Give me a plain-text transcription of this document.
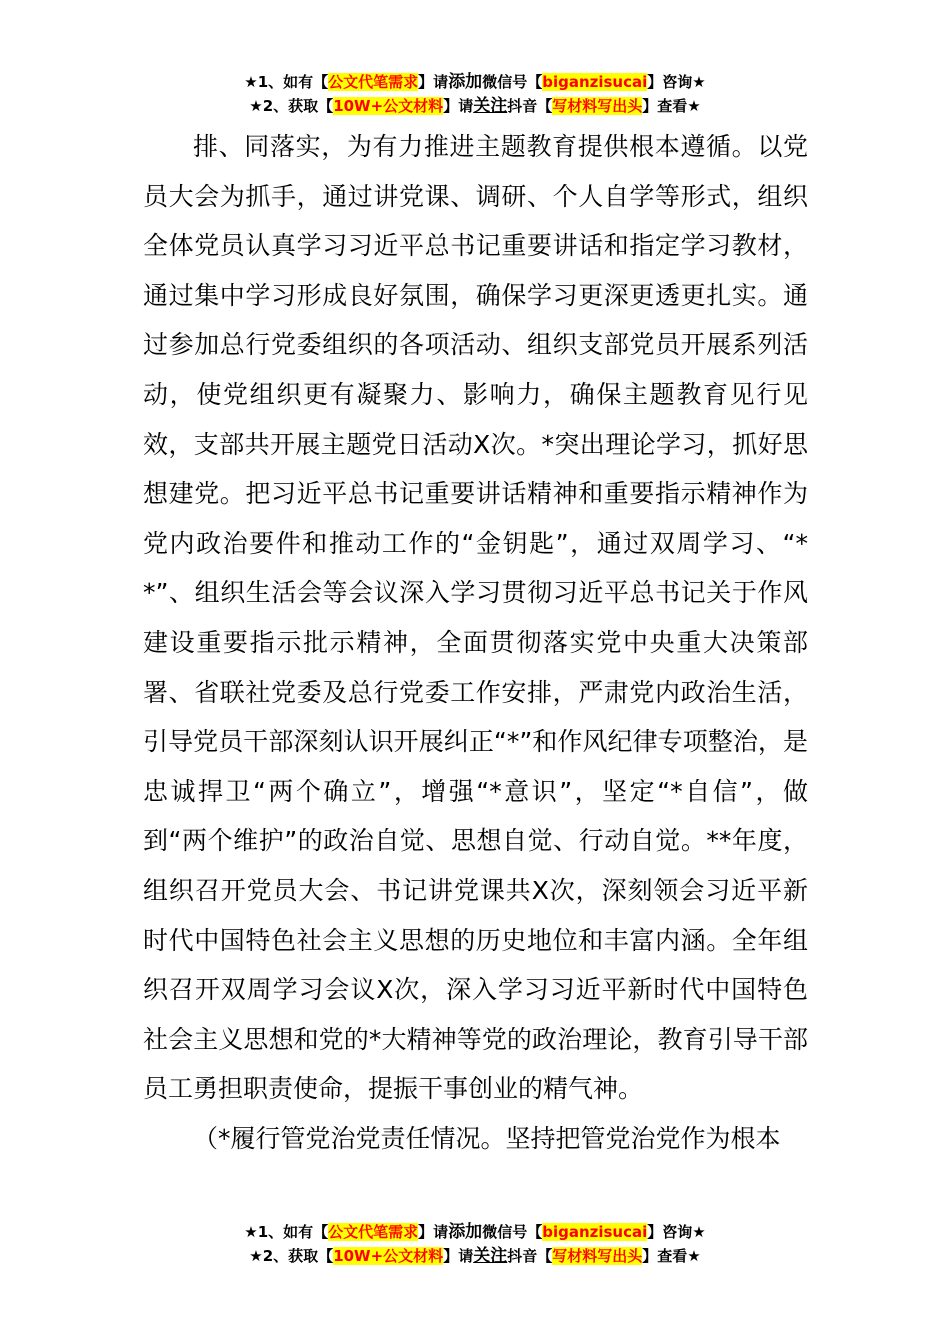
★1、如有【公文代笔需求】请添加微信号【biganzisucai】咨询★
★2、获取【10W+公文材料】请关注抖音【写材料写出头】查看★

排、同落实，为有力推进主题教育提供根本遵循。以党员大会为抓手，通过讲党课、调研、个人自学等形式，组织全体党员认真学习习近平总书记重要讲话和指定学习教材，通过集中学习形成良好氛围，确保学习更深更透更扎实。通过参加总行党委组织的各项活动、组织支部党员开展系列活动，使党组织更有凝聚力、影响力，确保主题教育见行见效，支部共开展主题党日活动X次。*突出理论学习，抓好思想建党。把习近平总书记重要讲话精神和重要指示精神作为党内政治要件和推动工作的“金钥匙”，通过双周学习、“**”、组织生活会等会议深入学习贯彻习近平总书记关于作风建设重要指示批示精神，全面贯彻落实党中央重大决策部署、省联社党委及总行党委工作安排，严肃党内政治生活，引导党员干部深刻认识开展纠正“*”和作风纪律专项整治，是忠诚捍卫“两个确立”，增强“*意识”，坚定“*自信”，做到“两个维护”的政治自觉、思想自觉、行动自觉。**年度，组织召开党员大会、书记讲党课共X次，深刻领会习近平新时代中国特色社会主义思想的历史地位和丰富内涵。全年组织召开双周学习会议X次，深入学习习近平新时代中国特色社会主义思想和党的*大精神等党的政治理论，教育引导干部员工勇担职责使命，提振干事创业的精气神。

（*履行管党治党责任情况。坚持把管党治党作为根本

★1、如有【公文代笔需求】请添加微信号【biganzisucai】咨询★
★2、获取【10W+公文材料】请关注抖音【写材料写出头】查看★
